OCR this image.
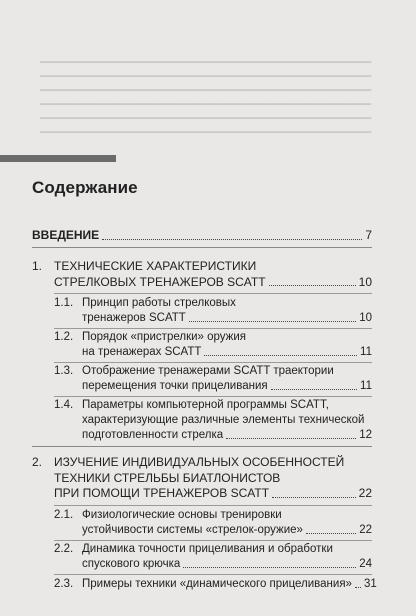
━━━━━━━━━━━━━━━━━━━━━━━━━━━━━━━━━━━━━━━━━━━━━━━━━━
━━━━━━━━━━━━━━━━━━━━━━━━━━━━━━━━━━━━━━━━━━━━━━━━━━
━━━━━━━━━━━━━━━━━━━━━━━━━━━━━━━━━━━━━━━━━━━━━━━━━━
━━━━━━━━━━━━━━━━━━━━━━━━━━━━━━━━━━━━━━━━━━━━━━━━━━
━━━━━━━━━━━━━━━━━━━━━━━━━━━━━━━━━━━━━━━━━━━━━━━━━━
━━━━━━━━━━━━━━━━━━━━━━━━━━━━━━━━━━━━━━━━━━━━━━━━━━
Содержание
ВВЕДЕНИЕ	7
1. ТЕХНИЧЕСКИЕ ХАРАКТЕРИСТИКИ
СТРЕЛКОВЫХ ТРЕНАЖЕРОВ SCATT	10
1.1. Принцип работы стрелковых
тренажеров SCATT	10
1.2. Порядок «пристрелки» оружия
на тренажерах SCATT	11
1.3. Отображение тренажерами SCATT траектории
перемещения точки прицеливания	11
1.4. Параметры компьютерной программы SCATT,
характеризующие различные элементы технической
подготовленности стрелка	12
2. ИЗУЧЕНИЕ ИНДИВИДУАЛЬНЫХ ОСОБЕННОСТЕЙ
ТЕХНИКИ СТРЕЛЬБЫ БИАТЛОНИСТОВ
ПРИ ПОМОЩИ ТРЕНАЖЕРОВ SCATT	22
2.1. Физиологические основы тренировки
устойчивости системы «стрелок-оружие»	22
2.2. Динамика точности прицеливания и обработки
спускового крючка	24
2.3. Примеры техники «динамического прицеливания» 31
